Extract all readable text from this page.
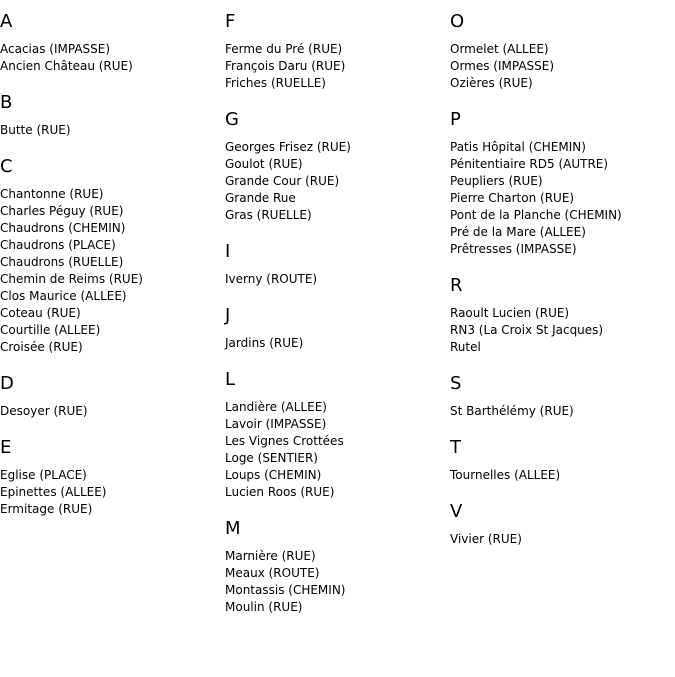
A
Acacias (IMPASSE)
Ancien Château (RUE)
B
Butte (RUE)
C
Chantonne (RUE)
Charles Péguy (RUE)
Chaudrons (CHEMIN)
Chaudrons (PLACE)
Chaudrons (RUELLE)
Chemin de Reims (RUE)
Clos Maurice (ALLEE)
Coteau (RUE)
Courtille (ALLEE)
Croisée (RUE)
D
Desoyer (RUE)
E
Eglise (PLACE)
Epinettes (ALLEE)
Ermitage (RUE)
F
Ferme du Pré (RUE)
François Daru (RUE)
Friches (RUELLE)
G
Georges Frisez (RUE)
Goulot (RUE)
Grande Cour (RUE)
Grande Rue
Gras (RUELLE)
I
Iverny (ROUTE)
J
Jardins (RUE)
L
Landière (ALLEE)
Lavoir (IMPASSE)
Les Vignes Crottées
Loge (SENTIER)
Loups (CHEMIN)
Lucien Roos (RUE)
M
Marnière (RUE)
Meaux (ROUTE)
Montassis (CHEMIN)
Moulin (RUE)
O
Ormelet (ALLEE)
Ormes (IMPASSE)
Ozières (RUE)
P
Patis Hôpital (CHEMIN)
Pénitentiaire RD5 (AUTRE)
Peupliers (RUE)
Pierre Charton (RUE)
Pont de la Planche (CHEMIN)
Pré de la Mare (ALLEE)
Prêtresses (IMPASSE)
R
Raoult Lucien (RUE)
RN3 (La Croix St Jacques)
Rutel
S
St Barthélémy (RUE)
T
Tournelles (ALLEE)
V
Vivier (RUE)
